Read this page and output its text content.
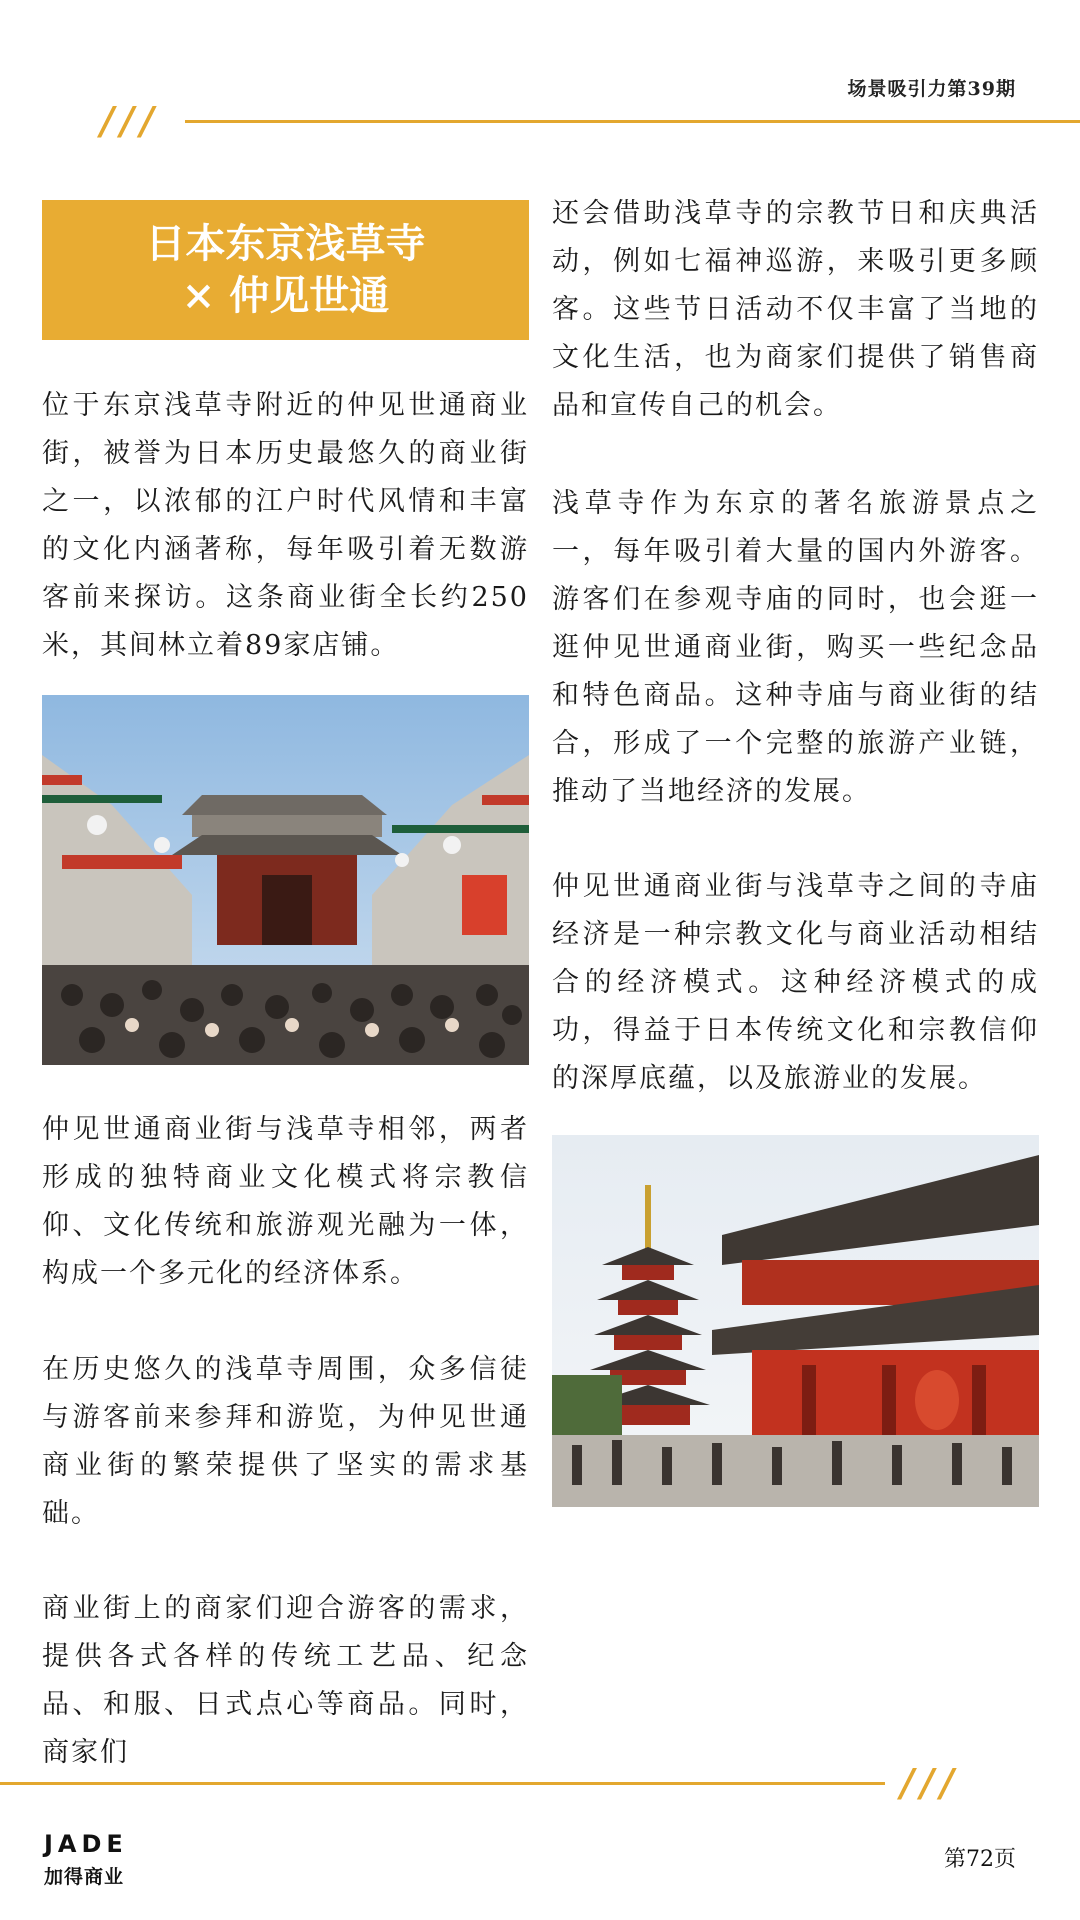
场景吸引力第39期
///
日本东京浅草寺
× 仲见世通

位于东京浅草寺附近的仲见世通商业街，被誉为日本历史最悠久的商业街之一，以浓郁的江户时代风情和丰富的文化内涵著称，每年吸引着无数游客前来探访。这条商业街全长约250米，其间林立着89家店铺。

仲见世通商业街与浅草寺相邻，两者形成的独特商业文化模式将宗教信仰、文化传统和旅游观光融为一体，构成一个多元化的经济体系。

在历史悠久的浅草寺周围，众多信徒与游客前来参拜和游览，为仲见世通商业街的繁荣提供了坚实的需求基础。

商业街上的商家们迎合游客的需求，提供各式各样的传统工艺品、纪念品、和服、日式点心等商品。同时，商家们

还会借助浅草寺的宗教节日和庆典活动，例如七福神巡游，来吸引更多顾客。这些节日活动不仅丰富了当地的文化生活，也为商家们提供了销售商品和宣传自己的机会。

浅草寺作为东京的著名旅游景点之一，每年吸引着大量的国内外游客。游客们在参观寺庙的同时，也会逛一逛仲见世通商业街，购买一些纪念品和特色商品。这种寺庙与商业街的结合，形成了一个完整的旅游产业链，推动了当地经济的发展。

仲见世通商业街与浅草寺之间的寺庙经济是一种宗教文化与商业活动相结合的经济模式。这种经济模式的成功，得益于日本传统文化和宗教信仰的深厚底蕴，以及旅游业的发展。

///
JADE
加得商业
第72页
